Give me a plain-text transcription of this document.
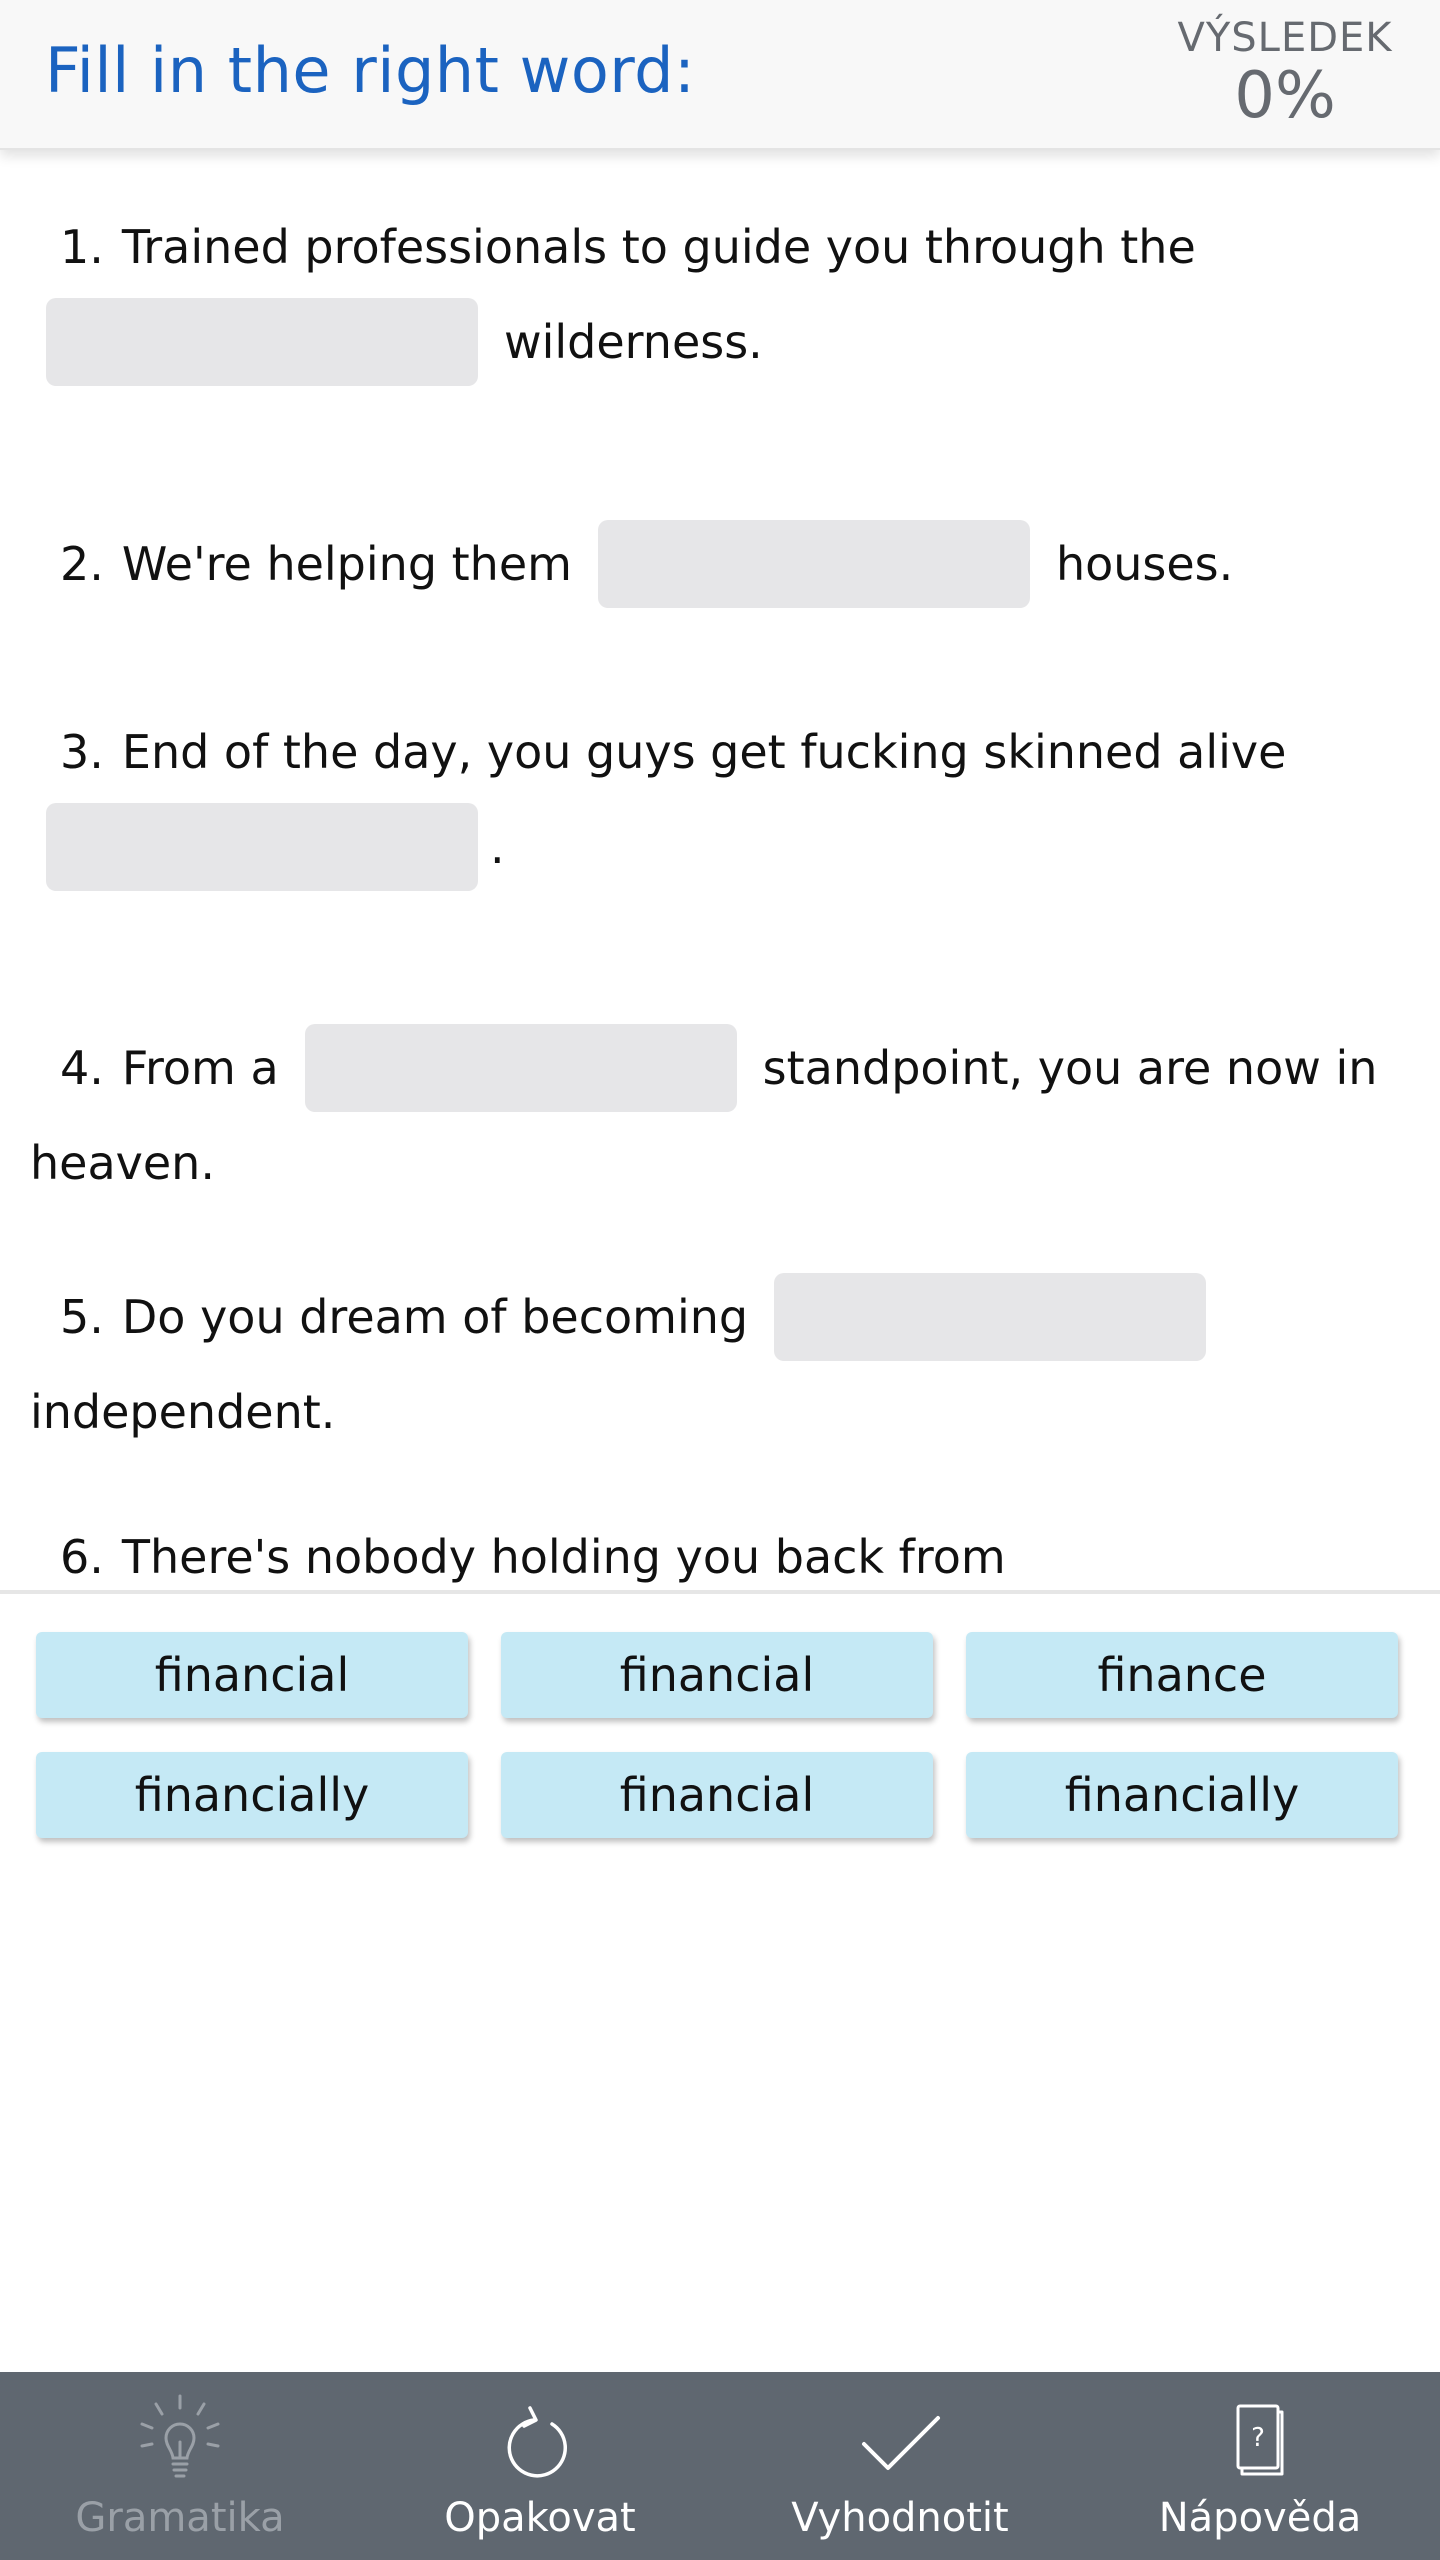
Fill in the right word:	VÝSLEDEK
0%
1. Trained professionals to guide you through the
wilderness.
2. We're helping them	houses.
3. End of the day, you guys get fucking skinned alive
.
4. From a	standpoint, you are now in heaven.
5. Do you dream of becomingindependent.
6. There's nobody holding you back from
financial	financial	finance
financially	financial	financially
Gramatika	Opakovat	Vyhodnotit
?
Nápověda
